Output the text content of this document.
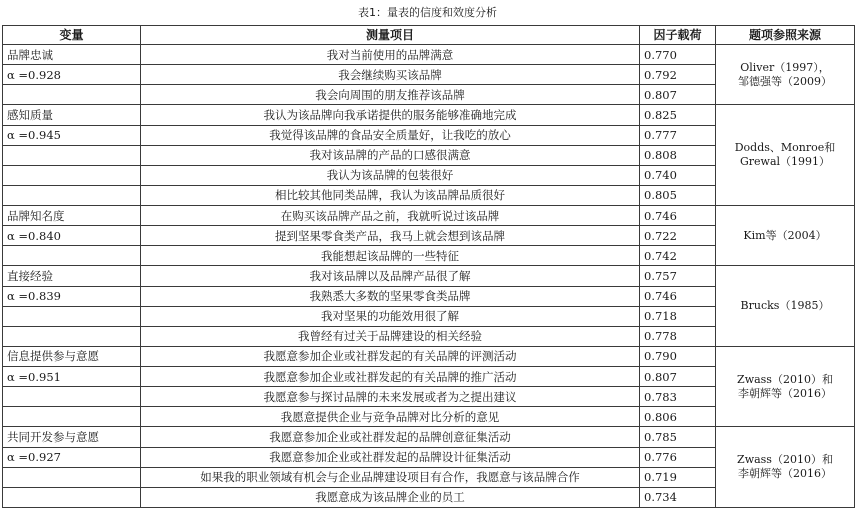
表1：量表的信度和效度分析
变量	测量项目	因子载荷	题项参照来源
品牌忠诚	我对当前使用的品牌满意	0.770	Oliver（1997），
邹德强等（2009）

α =0.928	我会继续购买该品牌	0.792	
	我会向周围的朋友推荐该品牌	0.807	
感知质量	我认为该品牌向我承诺提供的服务能够准确地完成	0.825	Dodds、Monroe和
Grewal（1991）

α =0.945	我觉得该品牌的食品安全质量好，让我吃的放心	0.777	
	我对该品牌的产品的口感很满意	0.808	
	我认为该品牌的包装很好	0.740	
	相比较其他同类品牌，我认为该品牌品质很好	0.805	
品牌知名度	在购买该品牌产品之前，我就听说过该品牌	0.746	Kim等（2004）

α =0.840	提到坚果零食类产品，我马上就会想到该品牌	0.722	
	我能想起该品牌的一些特征	0.742	
直接经验	我对该品牌以及品牌产品很了解	0.757	Brucks（1985）

α =0.839	我熟悉大多数的坚果零食类品牌	0.746	
	我对坚果的功能效用很了解	0.718	
	我曾经有过关于品牌建设的相关经验	0.778	
信息提供参与意愿	我愿意参加企业或社群发起的有关品牌的评测活动	0.790	Zwass（2010）和
李朝辉等（2016）

α =0.951	我愿意参加企业或社群发起的有关品牌的推广活动	0.807	
	我愿意参与探讨品牌的未来发展或者为之提出建议	0.783	
	我愿意提供企业与竞争品牌对比分析的意见	0.806	
共同开发参与意愿	我愿意参加企业或社群发起的品牌创意征集活动	0.785	Zwass（2010）和
李朝辉等（2016）

α =0.927	我愿意参加企业或社群发起的品牌设计征集活动	0.776	
	如果我的职业领域有机会与企业品牌建设项目有合作，我愿意与该品牌合作	0.719	
	我愿意成为该品牌企业的员工	0.734	
